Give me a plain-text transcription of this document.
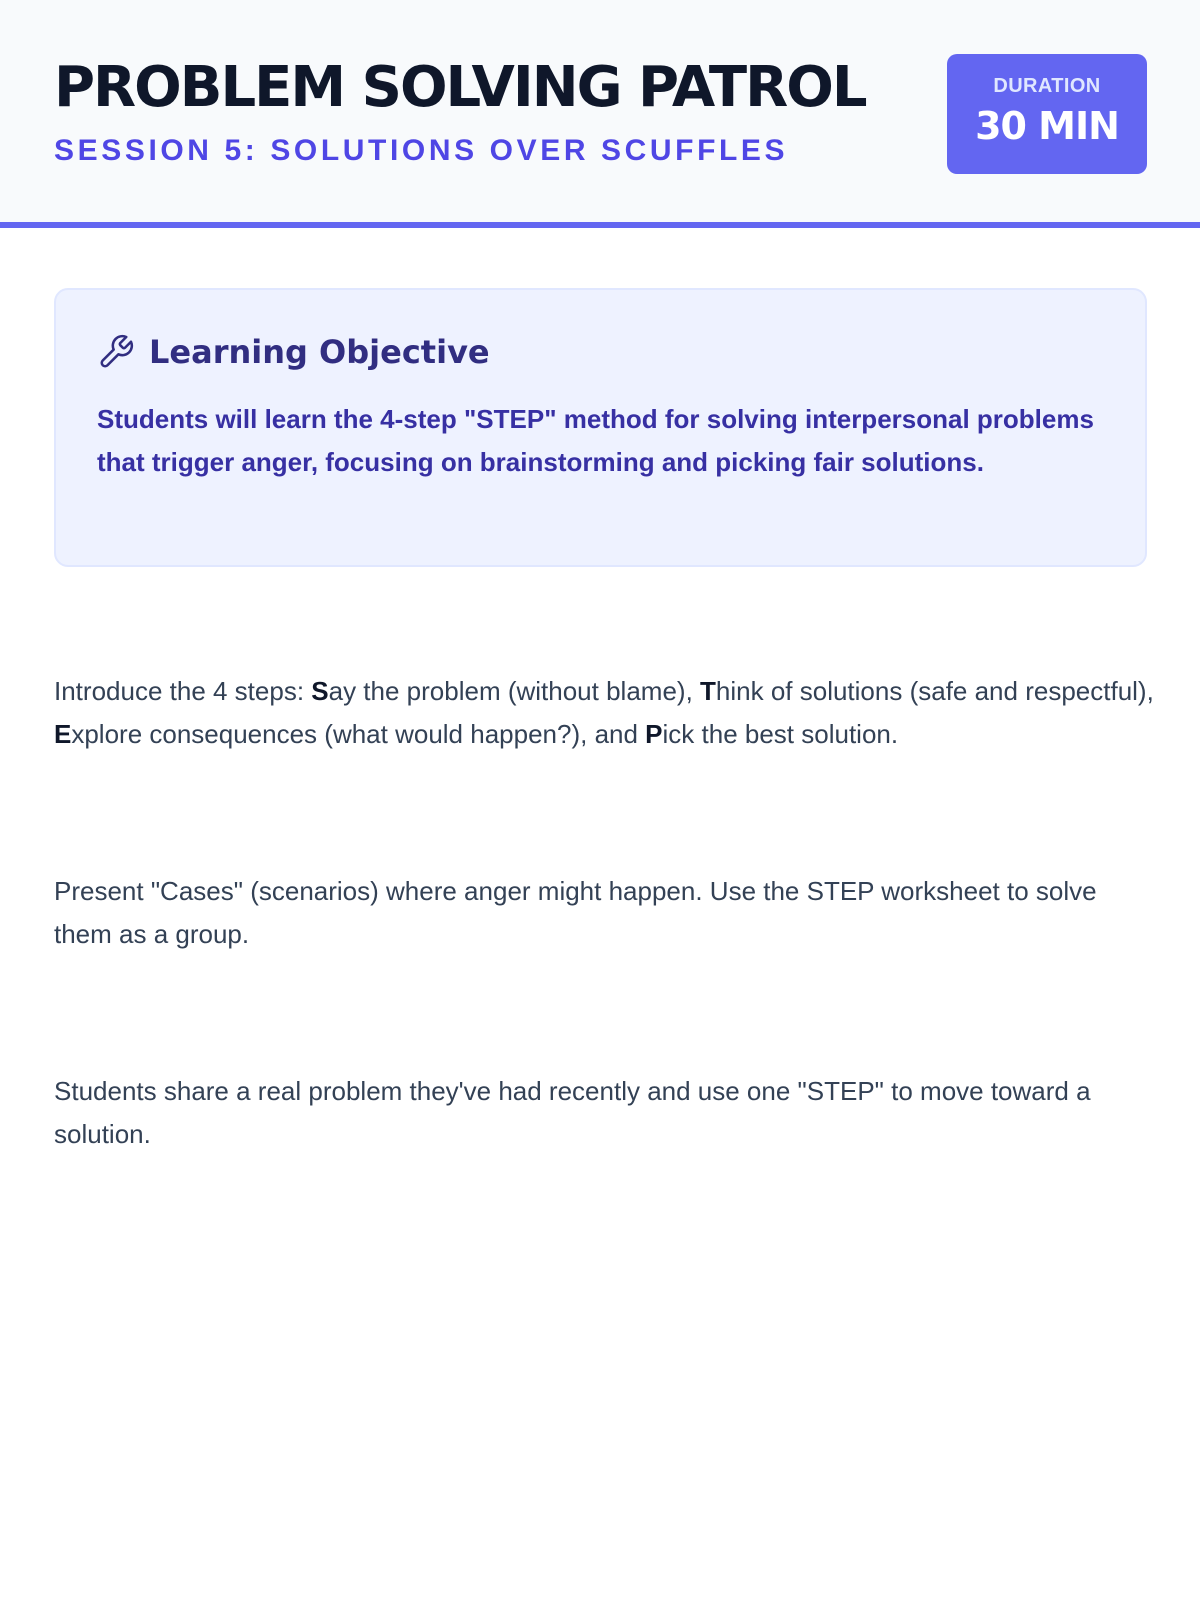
PROBLEM SOLVING PATROL
SESSION 5: SOLUTIONS OVER SCUFFLES
DURATION
30 MIN
Learning Objective

Students will learn the 4-step "STEP" method for solving interpersonal problems that trigger anger, focusing on brainstorming and picking fair solutions.

Introduce the 4 steps: Say the problem (without blame), Think of solutions (safe and respectful), Explore consequences (what would happen?), and Pick the best solution.

Present "Cases" (scenarios) where anger might happen. Use the STEP worksheet to solve them as a group.

Students share a real problem they've had recently and use one "STEP" to move toward a solution.
